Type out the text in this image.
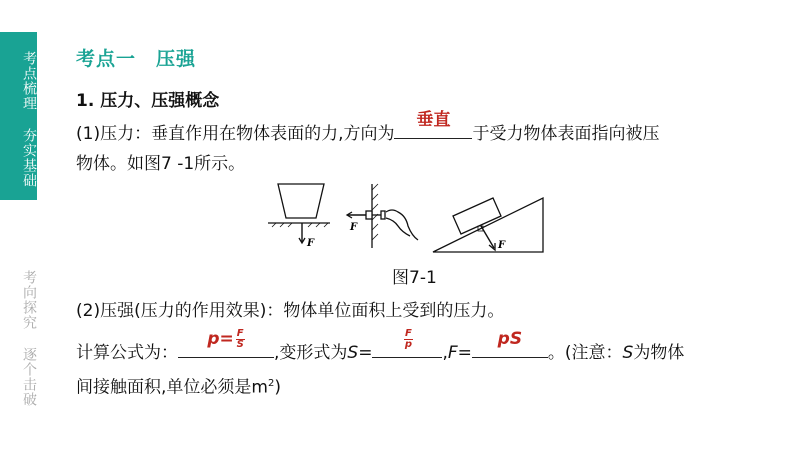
考点梳理 夯实基础
考向探究 逐个击破
考点一　压强
1. 压力、压强概念
(1)压力：垂直作用在物体表面的力,方向为
垂直
于受力物体表面指向被压
物体。如图7 -1所示。
F
F
F
图7-1
(2)压强(压力的作用效果)：物体单位面积上受到的压力。
计算公式为：
$p= \frac{F}{S}$
,变形式为S=
$\frac{F}{p}$
,F=
pS
。(注意：S为物体
间接触面积,单位必须是$m^2$)
